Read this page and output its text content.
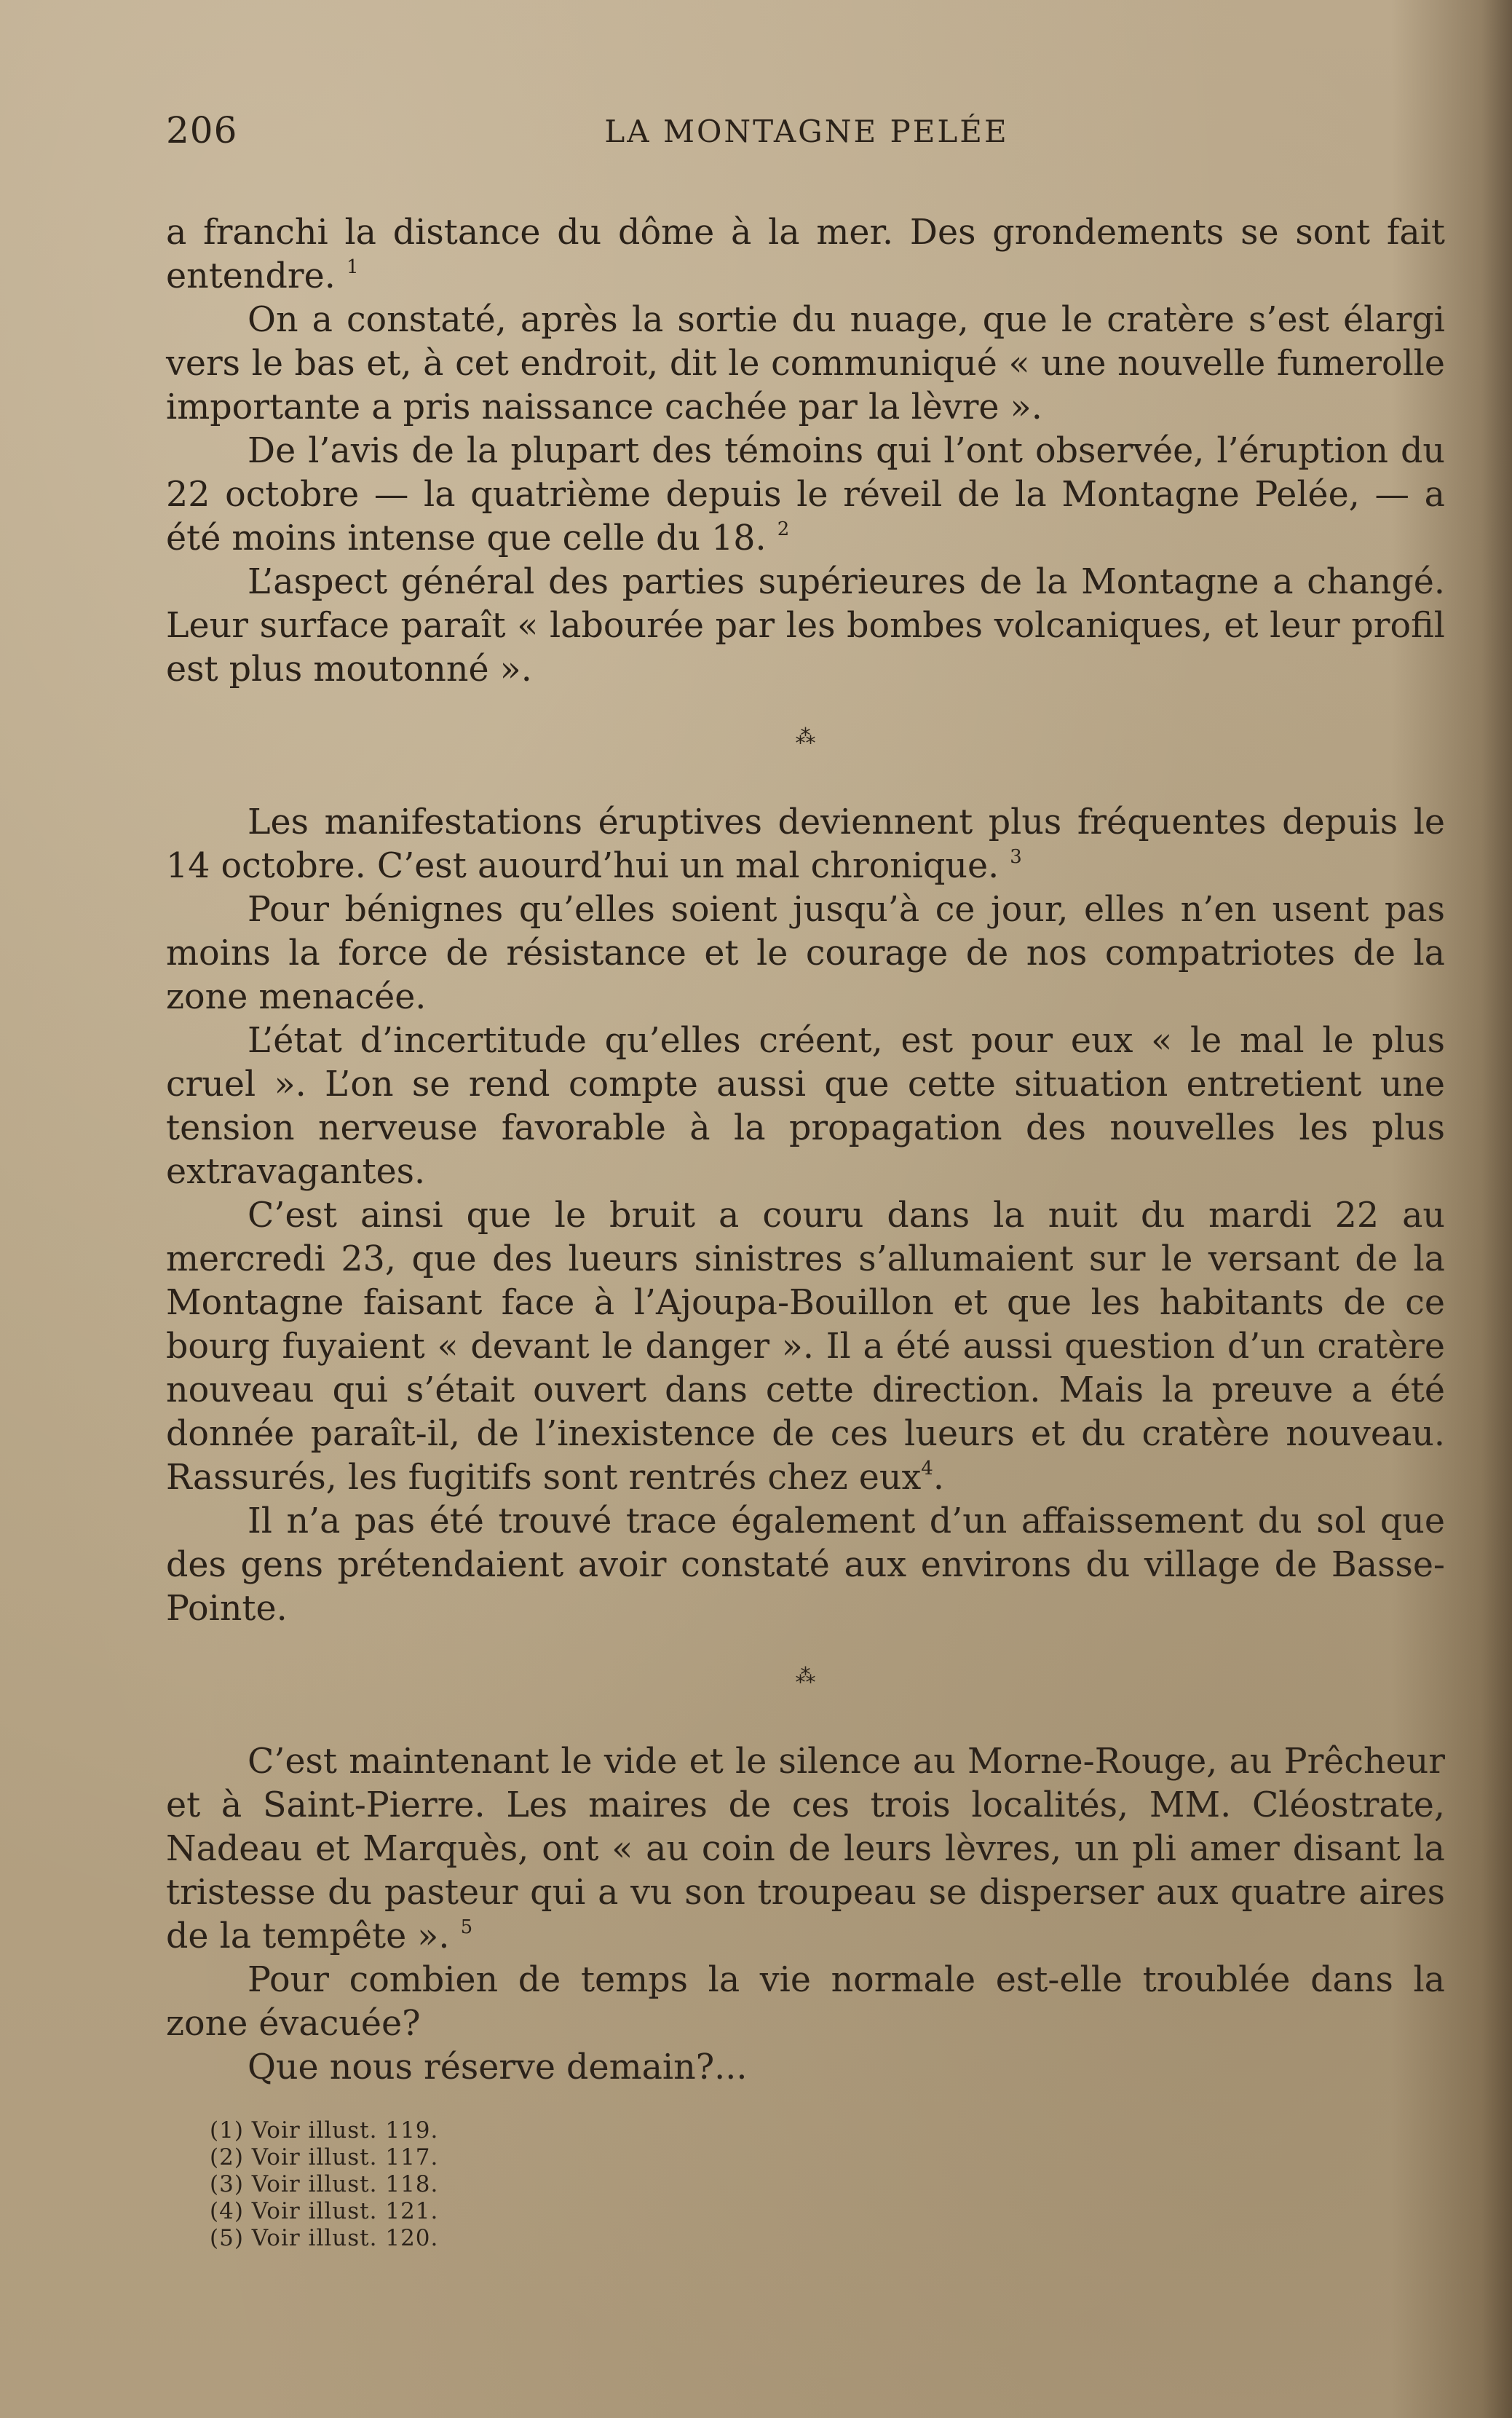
206	LA MONTAGNE PELÉE

a franchi la distance du dôme à la mer. Des grondements se sont fait entendre. $^1$

On a constaté, après la sortie du nuage, que le cratère s’est élargi vers le bas et, à cet endroit, dit le communiqué « une nouvelle fumerolle importante a pris naissance cachée par la lèvre ».

De l’avis de la plupart des témoins qui l’ont observée, l’éruption du 22 octobre — la quatrième depuis le réveil de la Montagne Pelée, — a été moins intense que celle du 18. $^2$

L’aspect général des parties supérieures de la Montagne a changé. Leur surface paraît « labourée par les bombes volcaniques, et leur profil est plus moutonné ».

⁂

Les manifestations éruptives deviennent plus fréquentes depuis le 14 octobre. C’est auourd’hui un mal chronique. $^3$

Pour bénignes qu’elles soient jusqu’à ce jour, elles n’en usent pas moins la force de résistance et le courage de nos compatriotes de la zone menacée.

L’état d’incertitude qu’elles créent, est pour eux « le mal le plus cruel ». L’on se rend compte aussi que cette situation entretient une tension nerveuse favorable à la propagation des nouvelles les plus extravagantes.

C’est ainsi que le bruit a couru dans la nuit du mardi 22 au mercredi 23, que des lueurs sinistres s’allumaient sur le versant de la Montagne faisant face à l’Ajoupa-Bouillon et que les habitants de ce bourg fuyaient « devant le danger ». Il a été aussi question d’un cratère nouveau qui s’était ouvert dans cette direction. Mais la preuve a été donnée paraît-il, de l’inexistence de ces lueurs et du cratère nouveau. Rassurés, les fugitifs sont rentrés chez eux$^4$.

Il n’a pas été trouvé trace également d’un affaissement du sol que des gens prétendaient avoir constaté aux environs du village de Basse-Pointe.

⁂

C’est maintenant le vide et le silence au Morne-Rouge, au Prêcheur et à Saint-Pierre. Les maires de ces trois localités, MM. Cléostrate, Nadeau et Marquès, ont « au coin de leurs lèvres, un pli amer disant la tristesse du pasteur qui a vu son troupeau se disperser aux quatre aires de la tempête ». $^5$

Pour combien de temps la vie normale est-elle troublée dans la zone évacuée?

Que nous réserve demain?...

(1) Voir illust. 119.
(2) Voir illust. 117.
(3) Voir illust. 118.
(4) Voir illust. 121.
(5) Voir illust. 120.
